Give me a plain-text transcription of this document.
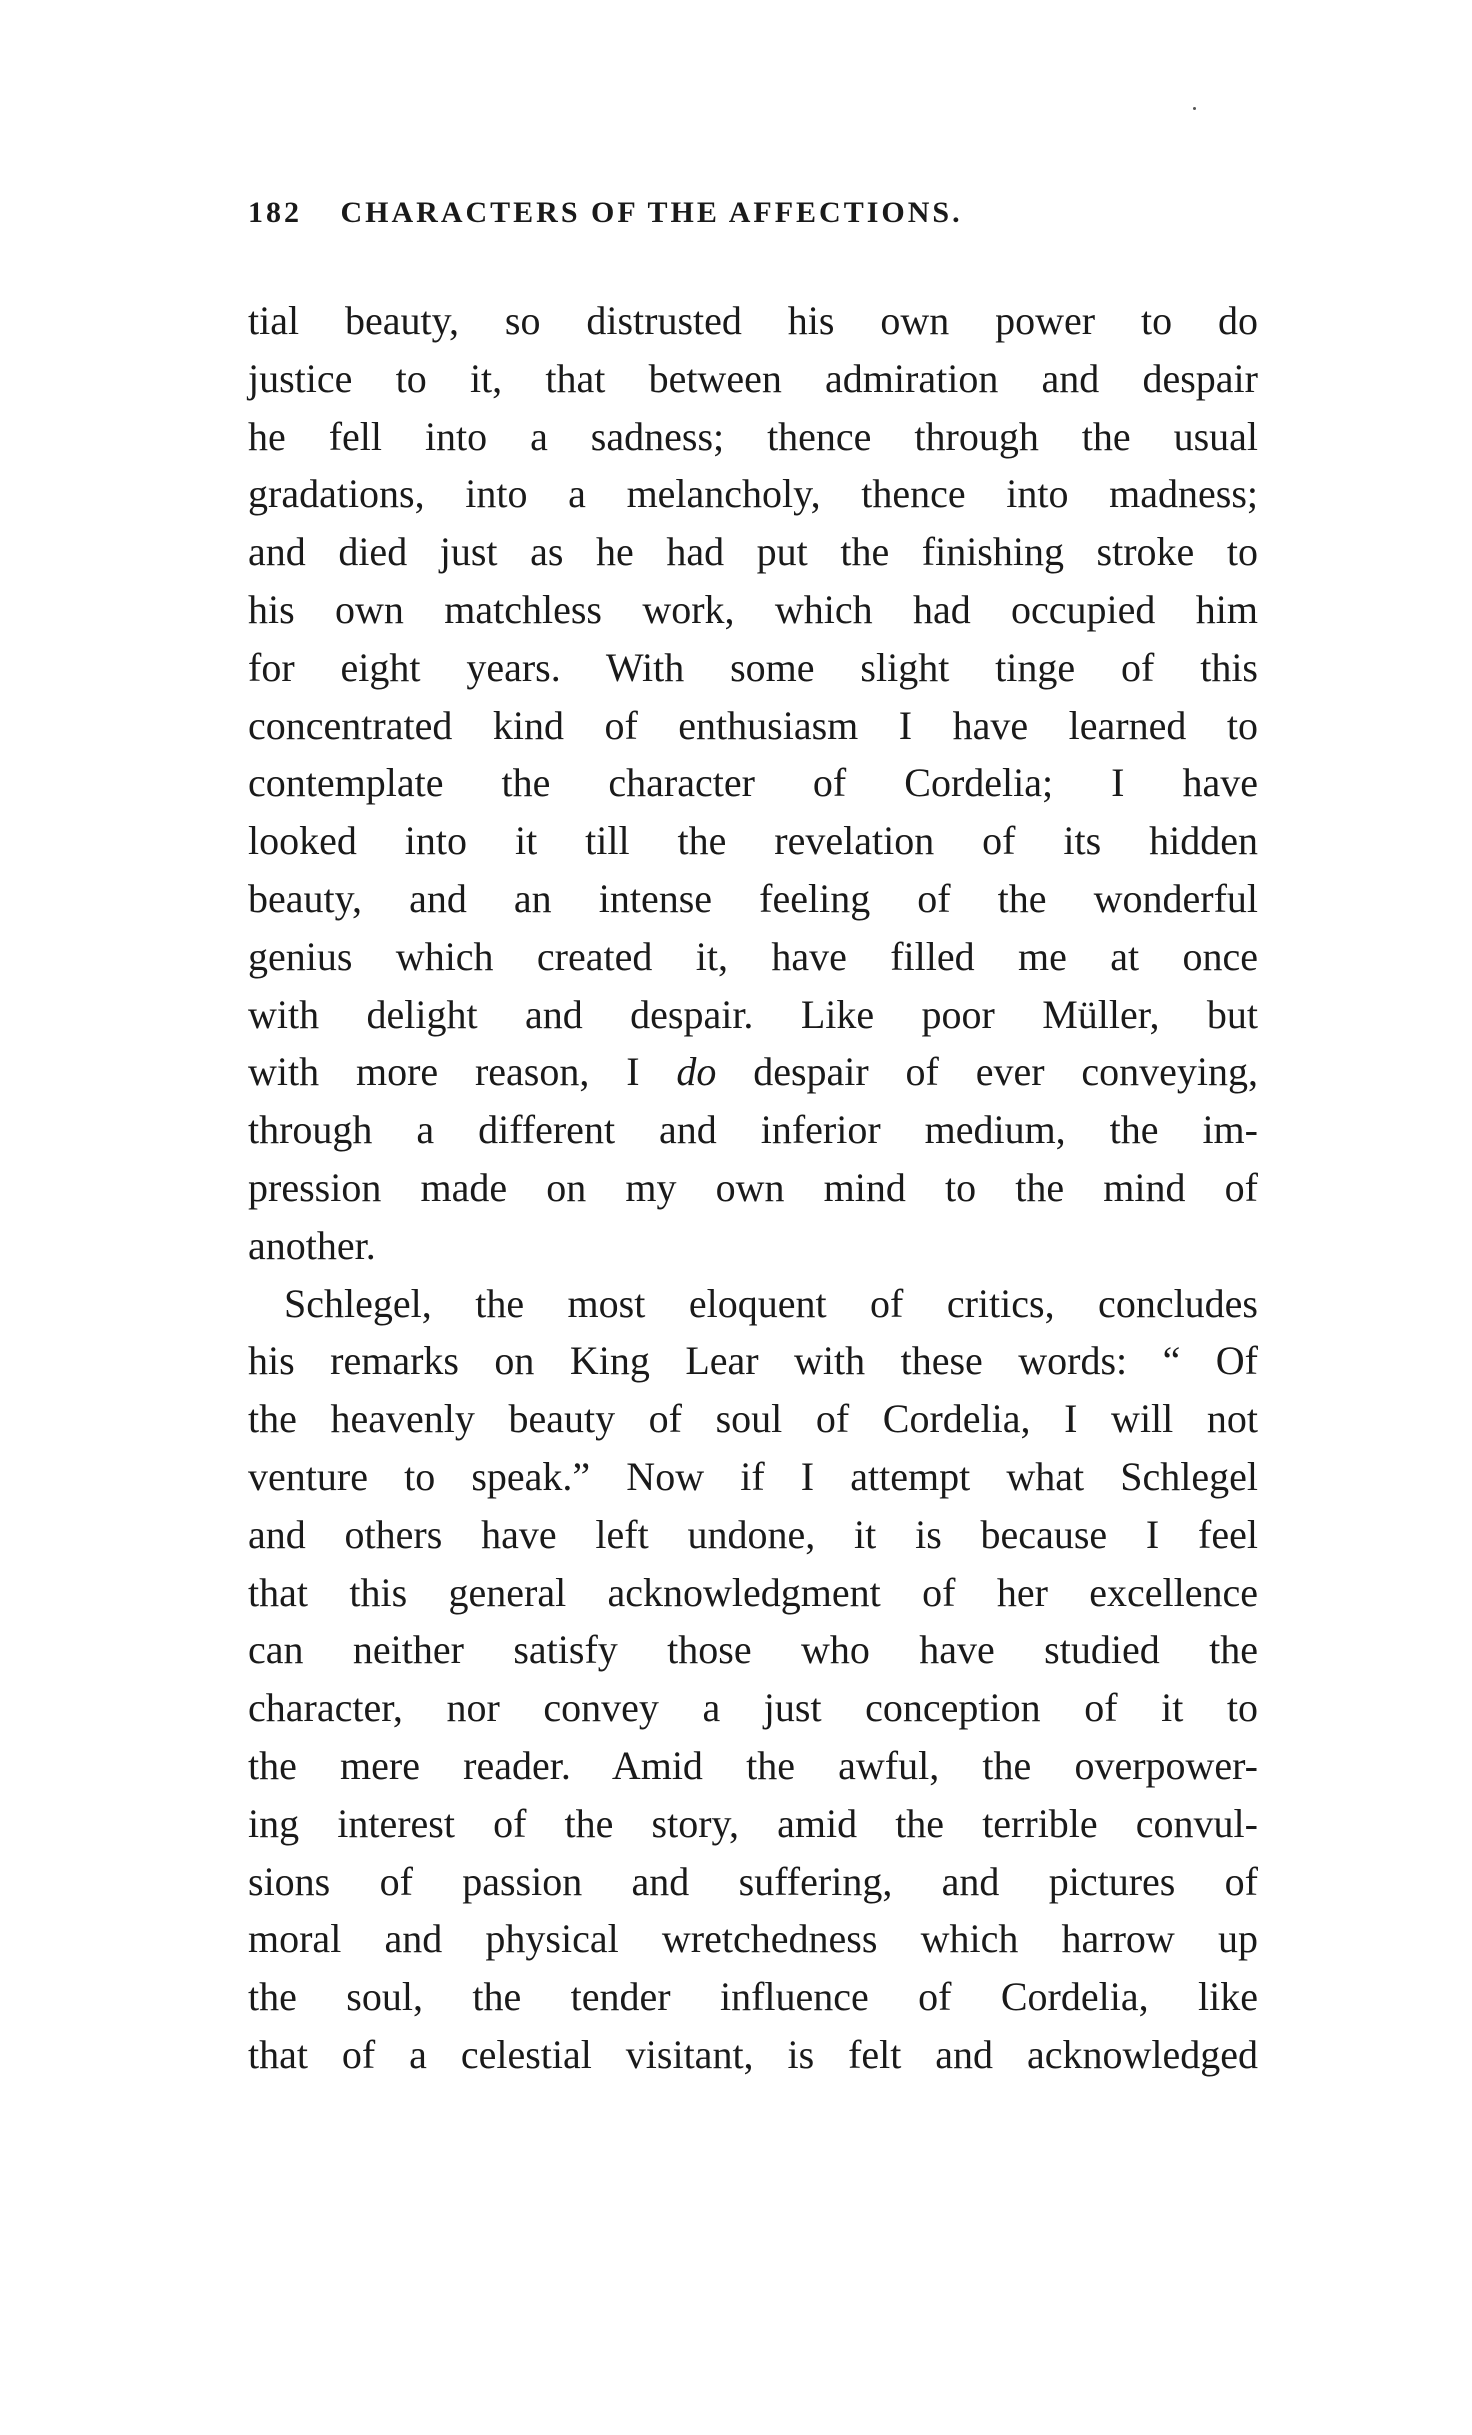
182 CHARACTERS OF THE AFFECTIONS.
tial beauty, so distrusted his own power to do
justice to it, that between admiration and despair
he fell into a sadness; thence through the usual
gradations, into a melancholy, thence into madness;
and died just as he had put the finishing stroke to
his own matchless work, which had occupied him
for eight years. With some slight tinge of this
concentrated kind of enthusiasm I have learned to
contemplate the character of Cordelia; I have
looked into it till the revelation of its hidden
beauty, and an intense feeling of the wonderful
genius which created it, have filled me at once
with delight and despair. Like poor Müller, but
with more reason, I do despair of ever conveying,
through a different and inferior medium, the im-
pression made on my own mind to the mind of
another.
Schlegel, the most eloquent of critics, concludes
his remarks on King Lear with these words: “ Of
the heavenly beauty of soul of Cordelia, I will not
venture to speak.” Now if I attempt what Schlegel
and others have left undone, it is because I feel
that this general acknowledgment of her excellence
can neither satisfy those who have studied the
character, nor convey a just conception of it to
the mere reader. Amid the awful, the overpower-
ing interest of the story, amid the terrible convul-
sions of passion and suffering, and pictures of
moral and physical wretchedness which harrow up
the soul, the tender influence of Cordelia, like
that of a celestial visitant, is felt and acknowledged
